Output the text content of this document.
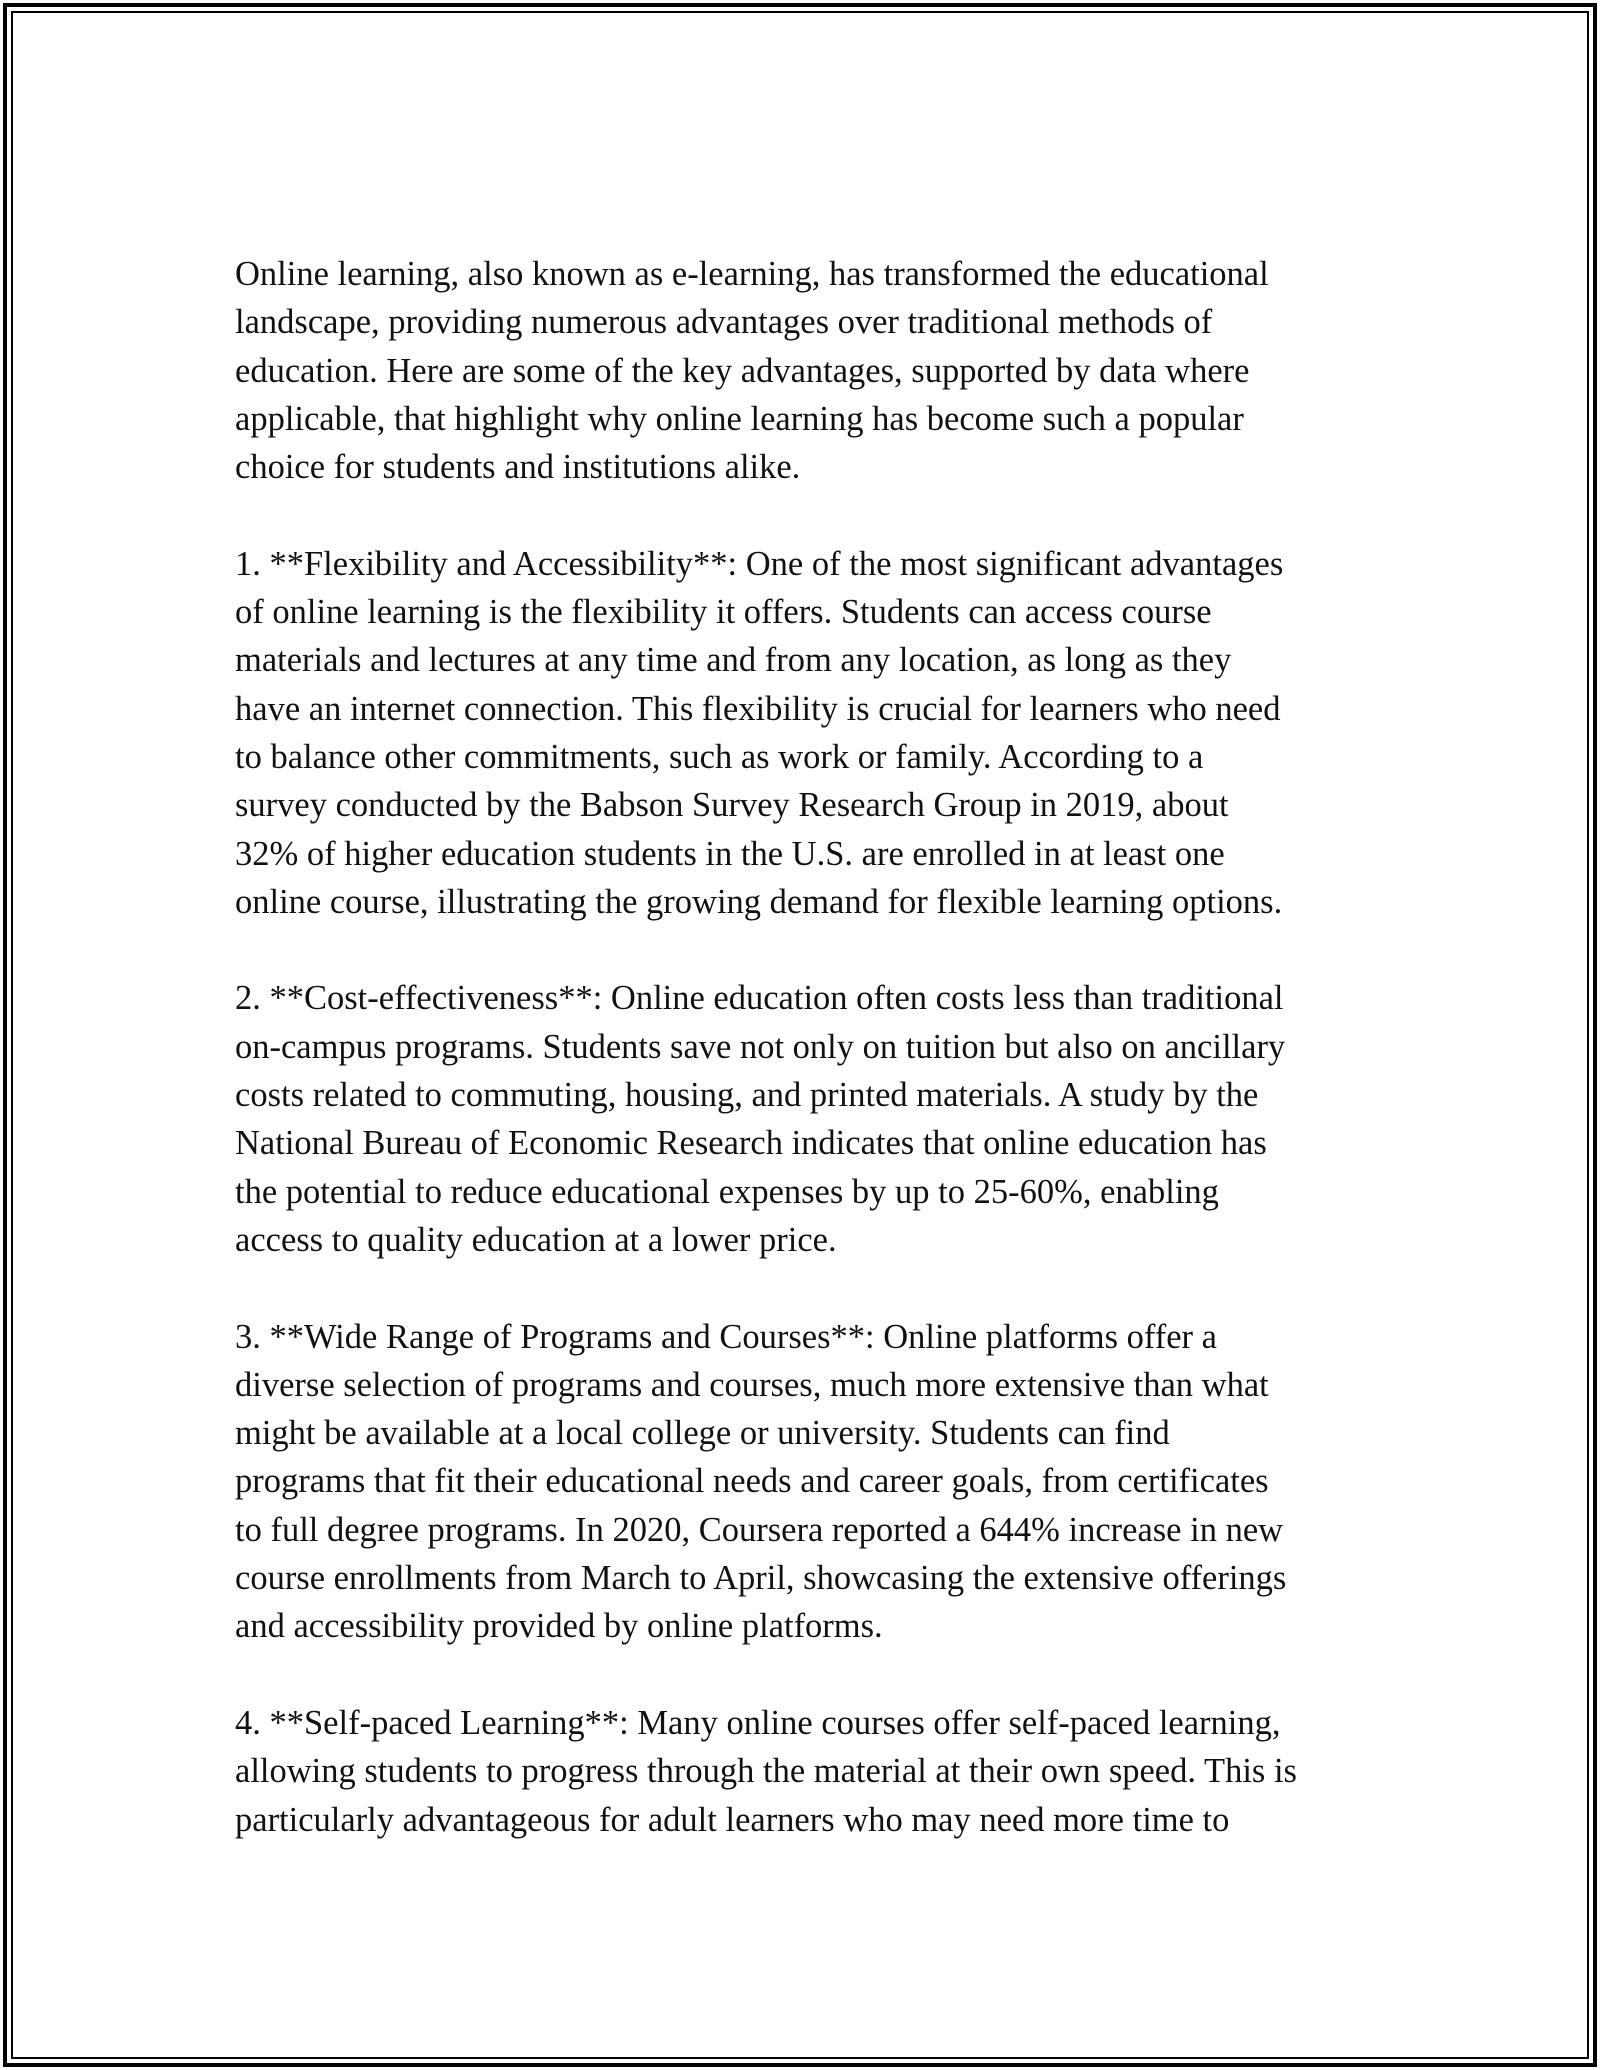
Online learning, also known as e-learning, has transformed the educational
landscape, providing numerous advantages over traditional methods of
education. Here are some of the key advantages, supported by data where
applicable, that highlight why online learning has become such a popular
choice for students and institutions alike.

1. **Flexibility and Accessibility**: One of the most significant advantages
of online learning is the flexibility it offers. Students can access course
materials and lectures at any time and from any location, as long as they
have an internet connection. This flexibility is crucial for learners who need
to balance other commitments, such as work or family. According to a
survey conducted by the Babson Survey Research Group in 2019, about
32% of higher education students in the U.S. are enrolled in at least one
online course, illustrating the growing demand for flexible learning options.

2. **Cost-effectiveness**: Online education often costs less than traditional
on-campus programs. Students save not only on tuition but also on ancillary
costs related to commuting, housing, and printed materials. A study by the
National Bureau of Economic Research indicates that online education has
the potential to reduce educational expenses by up to 25-60%, enabling
access to quality education at a lower price.

3. **Wide Range of Programs and Courses**: Online platforms offer a
diverse selection of programs and courses, much more extensive than what
might be available at a local college or university. Students can find
programs that fit their educational needs and career goals, from certificates
to full degree programs. In 2020, Coursera reported a 644% increase in new
course enrollments from March to April, showcasing the extensive offerings
and accessibility provided by online platforms.

4. **Self-paced Learning**: Many online courses offer self-paced learning,
allowing students to progress through the material at their own speed. This is
particularly advantageous for adult learners who may need more time to
